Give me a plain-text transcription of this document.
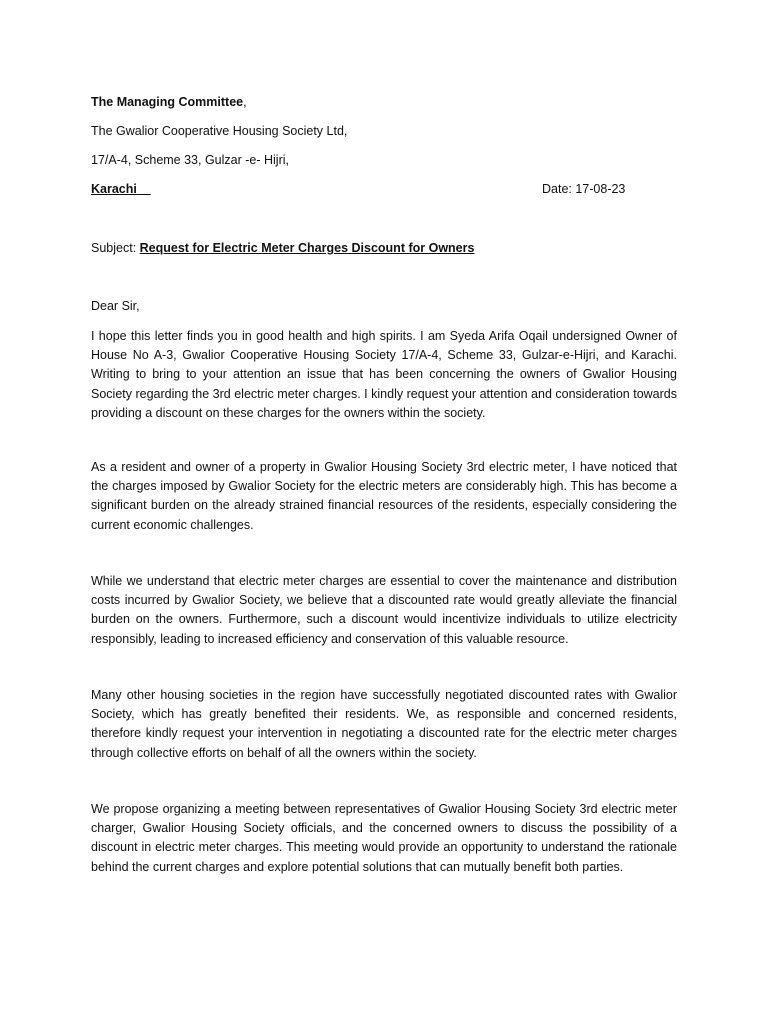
The Managing Committee,
The Gwalior Cooperative Housing Society Ltd,
17/A-4, Scheme 33, Gulzar -e- Hijri,
Karachi	Date: 17-08-23
Subject: Request for Electric Meter Charges Discount for Owners
Dear Sir,

I hope this letter finds you in good health and high spirits. I am Syeda Arifa Oqail undersigned Owner of House No A-3, Gwalior Cooperative Housing Society 17/A-4, Scheme 33, Gulzar-e-Hijri, and Karachi. Writing to bring to your attention an issue that has been concerning the owners of Gwalior Housing Society regarding the 3rd electric meter charges. I kindly request your attention and consideration towards providing a discount on these charges for the owners within the society.

As a resident and owner of a property in Gwalior Housing Society 3rd electric meter, I have noticed that the charges imposed by Gwalior Society for the electric meters are considerably high. This has become a significant burden on the already strained financial resources of the residents, especially considering the current economic challenges.

While we understand that electric meter charges are essential to cover the maintenance and distribution costs incurred by Gwalior Society, we believe that a discounted rate would greatly alleviate the financial burden on the owners. Furthermore, such a discount would incentivize individuals to utilize electricity responsibly, leading to increased efficiency and conservation of this valuable resource.

Many other housing societies in the region have successfully negotiated discounted rates with Gwalior Society, which has greatly benefited their residents. We, as responsible and concerned residents, therefore kindly request your intervention in negotiating a discounted rate for the electric meter charges through collective efforts on behalf of all the owners within the society.

We propose organizing a meeting between representatives of Gwalior Housing Society 3rd electric meter charger, Gwalior Housing Society officials, and the concerned owners to discuss the possibility of a discount in electric meter charges. This meeting would provide an opportunity to understand the rationale behind the current charges and explore potential solutions that can mutually benefit both parties.
